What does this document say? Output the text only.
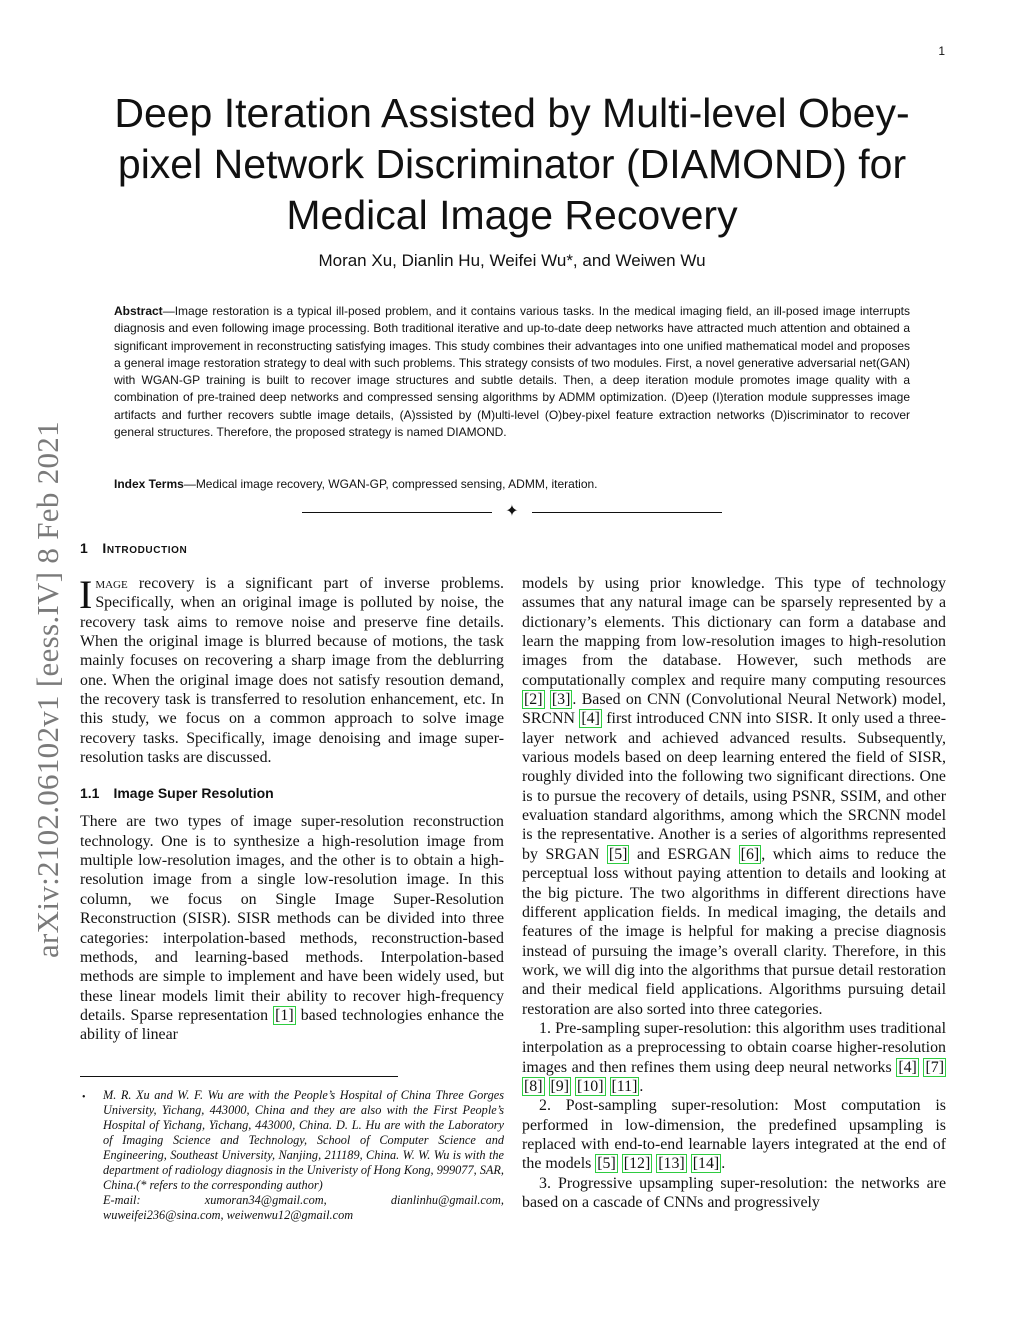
1
arXiv:2102.06102v1 [eess.IV] 8 Feb 2021
Deep Iteration Assisted by Multi-level Obey-pixel Network Discriminator (DIAMOND) for Medical Image Recovery
Moran Xu, Dianlin Hu, Weifei Wu*, and Weiwen Wu

Abstract—Image restoration is a typical ill-posed problem, and it contains various tasks. In the medical imaging field, an ill-posed image interrupts diagnosis and even following image processing. Both traditional iterative and up-to-date deep networks have attracted much attention and obtained a significant improvement in reconstructing satisfying images. This study combines their advantages into one unified mathematical model and proposes a general image restoration strategy to deal with such problems. This strategy consists of two modules. First, a novel generative adversarial net(GAN) with WGAN-GP training is built to recover image structures and subtle details. Then, a deep iteration module promotes image quality with a combination of pre-trained deep networks and compressed sensing algorithms by ADMM optimization. (D)eep (I)teration module suppresses image artifacts and further recovers subtle image details, (A)ssisted by (M)ulti-level (O)bey-pixel feature extraction networks (D)iscriminator to recover general structures. Therefore, the proposed strategy is named DIAMOND.

Index Terms—Medical image recovery, WGAN-GP, compressed sensing, ADMM, iteration.

✦
1 Introduction

Image recovery is a significant part of inverse problems. Specifically, when an original image is polluted by noise, the recovery task aims to remove noise and preserve fine details. When the original image is blurred because of motions, the task mainly focuses on recovering a sharp image from the deblurring one. When the original image does not satisfy resoution demand, the recovery task is transferred to resolution enhancement, etc. In this study, we focus on a common approach to solve image recovery tasks. Specifically, image denoising and image super-resolution tasks are discussed.

1.1 Image Super Resolution

There are two types of image super-resolution reconstruction technology. One is to synthesize a high-resolution image from multiple low-resolution images, and the other is to obtain a high-resolution image from a single low-resolution image. In this column, we focus on Single Image Super-Resolution Reconstruction (SISR). SISR methods can be divided into three categories: interpolation-based methods, reconstruction-based methods, and learning-based methods. Interpolation-based methods are simple to implement and have been widely used, but these linear models limit their ability to recover high-frequency details. Sparse representation [1] based technologies enhance the ability of linear

models by using prior knowledge. This type of technology assumes that any natural image can be sparsely represented by a dictionary’s elements. This dictionary can form a database and learn the mapping from low-resolution images to high-resolution images from the database. However, such methods are computationally complex and require many computing resources [2] [3] . Based on CNN (Convolutional Neural Network) model, SRCNN [4] first introduced CNN into SISR. It only used a three-layer network and achieved advanced results. Subsequently, various models based on deep learning entered the field of SISR, roughly divided into the following two significant directions. One is to pursue the recovery of details, using PSNR, SSIM, and other evaluation standard algorithms, among which the SRCNN model is the representative. Another is a series of algorithms represented by SRGAN [5] and ESRGAN [6] , which aims to reduce the perceptual loss without paying attention to details and looking at the big picture. The two algorithms in different directions have different application fields. In medical imaging, the details and features of the image is helpful for making a precise diagnosis instead of pursuing the image’s overall clarity. Therefore, in this work, we will dig into the algorithms that pursue detail restoration and their medical field applications. Algorithms pursuing detail restoration are also sorted into three categories.

1. Pre-sampling super-resolution: this algorithm uses traditional interpolation as a preprocessing to obtain coarse higher-resolution images and then refines them using deep neural networks [4] [7] [8] [9] [10] [11] .

2. Post-sampling super-resolution: Most computation is performed in low-dimension, the predefined upsampling is replaced with end-to-end learnable layers integrated at the end of the models [5] [12] [13] [14] .

3. Progressive upsampling super-resolution: the networks are based on a cascade of CNNs and progressively

• M. R. Xu and W. F. Wu are with the People’s Hospital of China Three Gorges University, Yichang, 443000, China and they are also with the First People’s Hospital of Yichang, Yichang, 443000, China. D. L. Hu are with the Laboratory of Imaging Science and Technology, School of Computer Science and Engineering, Southeast University, Nanjing, 211189, China. W. W. Wu is with the department of radiology diagnosis in the Univeristy of Hong Kong, 999077, SAR, China.(* refers to the corresponding author)
E-mail: xumoran34@gmail.com, dianlinhu@gmail.com, wuweifei236@sina.com, weiwenwu12@gmail.com
